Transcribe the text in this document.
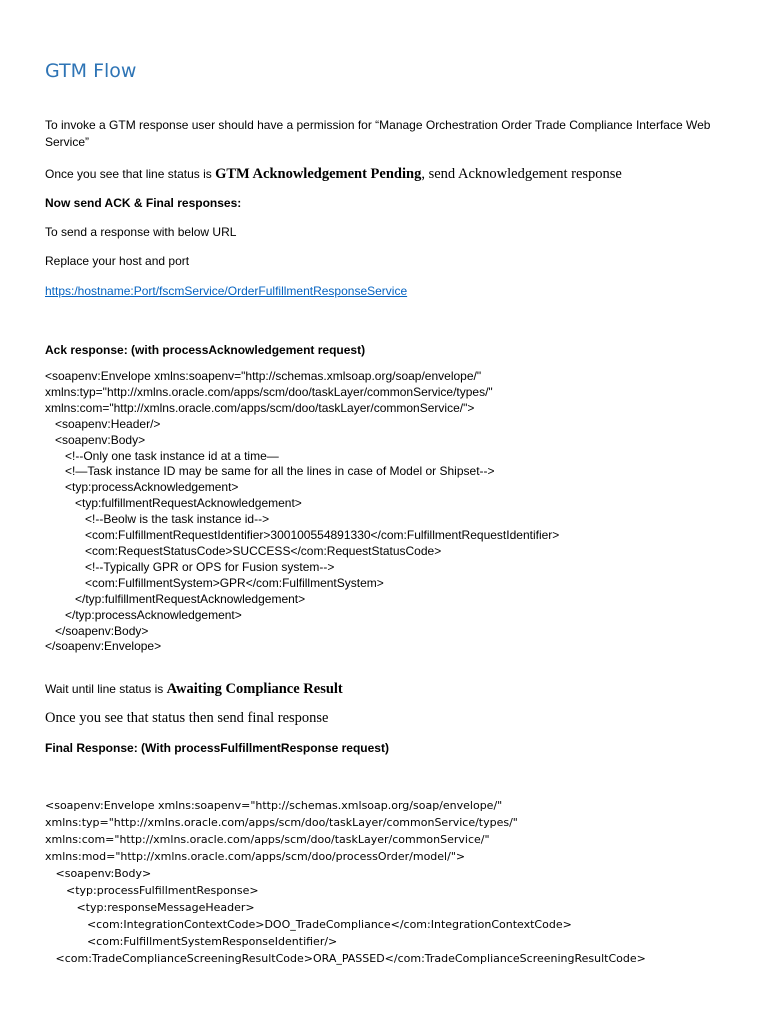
GTM Flow

To invoke a GTM response user should have a permission for “Manage Orchestration Order Trade Compliance Interface Web Service”

Once you see that line status is GTM Acknowledgement Pending, send Acknowledgement response

Now send ACK & Final responses:

To send a response with below URL

Replace your host and port

https:/hostname:Port/fscmService/OrderFulfillmentResponseService

Ack response: (with processAcknowledgement request)

<soapenv:Envelope xmlns:soapenv="http://schemas.xmlsoap.org/soap/envelope/"
xmlns:typ="http://xmlns.oracle.com/apps/scm/doo/taskLayer/commonService/types/"
xmlns:com="http://xmlns.oracle.com/apps/scm/doo/taskLayer/commonService/">
<soapenv:Header/>
<soapenv:Body>
<!--Only one task instance id at a time—
<!—Task instance ID may be same for all the lines in case of Model or Shipset-->
<typ:processAcknowledgement>
<typ:fulfillmentRequestAcknowledgement>
<!--Beolw is the task instance id-->
<com:FulfillmentRequestIdentifier>300100554891330</com:FulfillmentRequestIdentifier>
<com:RequestStatusCode>SUCCESS</com:RequestStatusCode>
<!--Typically GPR or OPS for Fusion system-->
<com:FulfillmentSystem>GPR</com:FulfillmentSystem>
</typ:fulfillmentRequestAcknowledgement>
</typ:processAcknowledgement>
</soapenv:Body>
</soapenv:Envelope>

Wait until line status is Awaiting Compliance Result

Once you see that status then send final response

Final Response: (With processFulfillmentResponse request)

<soapenv:Envelope xmlns:soapenv="http://schemas.xmlsoap.org/soap/envelope/"
xmlns:typ="http://xmlns.oracle.com/apps/scm/doo/taskLayer/commonService/types/"
xmlns:com="http://xmlns.oracle.com/apps/scm/doo/taskLayer/commonService/"
xmlns:mod="http://xmlns.oracle.com/apps/scm/doo/processOrder/model/">
<soapenv:Body>
<typ:processFulfillmentResponse>
<typ:responseMessageHeader>
<com:IntegrationContextCode>DOO_TradeCompliance</com:IntegrationContextCode>
<com:FulfillmentSystemResponseIdentifier/>
<com:TradeComplianceScreeningResultCode>ORA_PASSED</com:TradeComplianceScreeningResultCode>
